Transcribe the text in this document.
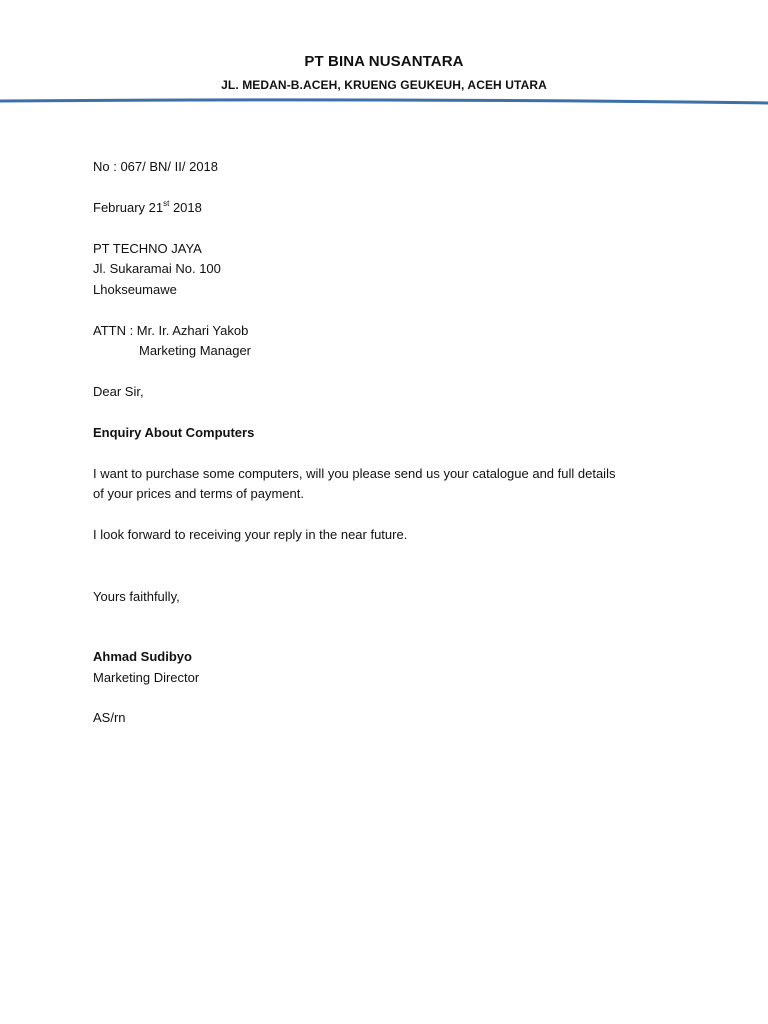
PT BINA NUSANTARA
JL. MEDAN-B.ACEH, KRUENG GEUKEUH, ACEH UTARA
No : 067/ BN/ II/ 2018
February 21st 2018
PT TECHNO JAYA
Jl. Sukaramai No. 100
Lhokseumawe
ATTN : Mr. Ir. Azhari Yakob
Marketing Manager
Dear Sir,
Enquiry About Computers
I want to purchase some computers, will you please send us your catalogue and full details
of your prices and terms of payment.
I look forward to receiving your reply in the near future.
Yours faithfully,
Ahmad Sudibyo
Marketing Director
AS/rn
